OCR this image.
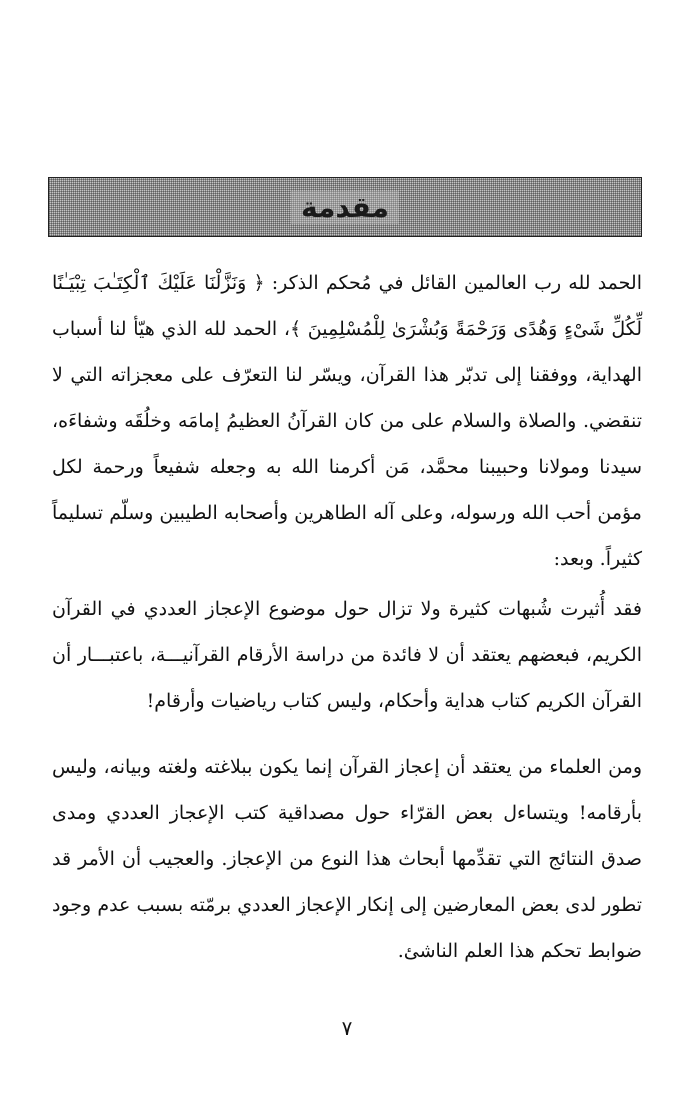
مقدمة

الحمد لله رب العالمين القائل في مُحكم الذكر: ﴿ وَنَزَّلْنَا عَلَيْكَ ٱلْكِتَـٰبَ تِبْيَـٰنًا لِّكُلِّ شَىْءٍ وَهُدًى وَرَحْمَةً وَبُشْرَىٰ لِلْمُسْلِمِينَ ﴾، الحمد لله الذي هيّأ لنا أسباب الهداية، ووفقنا إلى تدبّر هذا القرآن، ويسّر لنا التعرّف على معجزاته التي لا تنقضي. والصلاة والسلام على من كان القرآنُ العظيمُ إمامَه وخلُقَه وشفاءَه، سيدنا ومولانا وحبيبنا محمَّد، مَن أكرمنا الله به وجعله شفيعاً ورحمة لكل مؤمن أحب الله ورسوله، وعلى آله الطاهرين وأصحابه الطيبين وسلّم تسليماً كثيراً. وبعد:

فقد أُثيرت شُبهات كثيرة ولا تزال حول موضوع الإعجاز العددي في القرآن الكريم، فبعضهم يعتقد أن لا فائدة من دراسة الأرقام القرآنيـــة، باعتبـــار أن القرآن الكريم كتاب هداية وأحكام، وليس كتاب رياضيات وأرقام!

ومن العلماء من يعتقد أن إعجاز القرآن إنما يكون ببلاغته ولغته وبيانه، وليس بأرقامه! ويتساءل بعض القرّاء حول مصداقية كتب الإعجاز العددي ومدى صدق النتائج التي تقدِّمها أبحاث هذا النوع من الإعجاز. والعجيب أن الأمر قد تطور لدى بعض المعارضين إلى إنكار الإعجاز العددي برمّته بسبب عدم وجود ضوابط تحكم هذا العلم الناشئ.

٧
